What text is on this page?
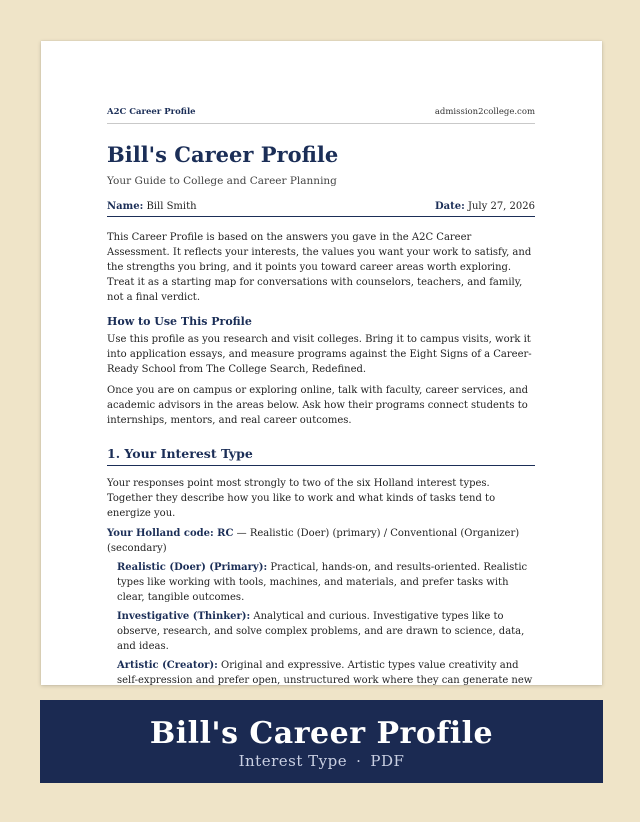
A2C Career Profile	admission2college.com
Bill's Career Profile
Your Guide to College and Career Planning
Name: Bill Smith	Date: July 27, 2026

This Career Profile is based on the answers you gave in the A2C Career Assessment. It reflects your interests, the values you want your work to satisfy, and the strengths you bring, and it points you toward career areas worth exploring. Treat it as a starting map for conversations with counselors, teachers, and family, not a final verdict.

How to Use This Profile

Use this profile as you research and visit colleges. Bring it to campus visits, work it into application essays, and measure programs against the Eight Signs of a Career-Ready School from The College Search, Redefined.

Once you are on campus or exploring online, talk with faculty, career services, and academic advisors in the areas below. Ask how their programs connect students to internships, mentors, and real career outcomes.

1. Your Interest Type

Your responses point most strongly to two of the six Holland interest types. Together they describe how you like to work and what kinds of tasks tend to energize you.

Your Holland code: RC — Realistic (Doer) (primary) / Conventional (Organizer) (secondary)

Realistic (Doer) (Primary): Practical, hands-on, and results-oriented. Realistic types like working with tools, machines, and materials, and prefer tasks with clear, tangible outcomes.

Investigative (Thinker): Analytical and curious. Investigative types like to observe, research, and solve complex problems, and are drawn to science, data, and ideas.

Artistic (Creator): Original and expressive. Artistic types value creativity and self-expression and prefer open, unstructured work where they can generate new

Bill's Career Profile
Interest Type · PDF
